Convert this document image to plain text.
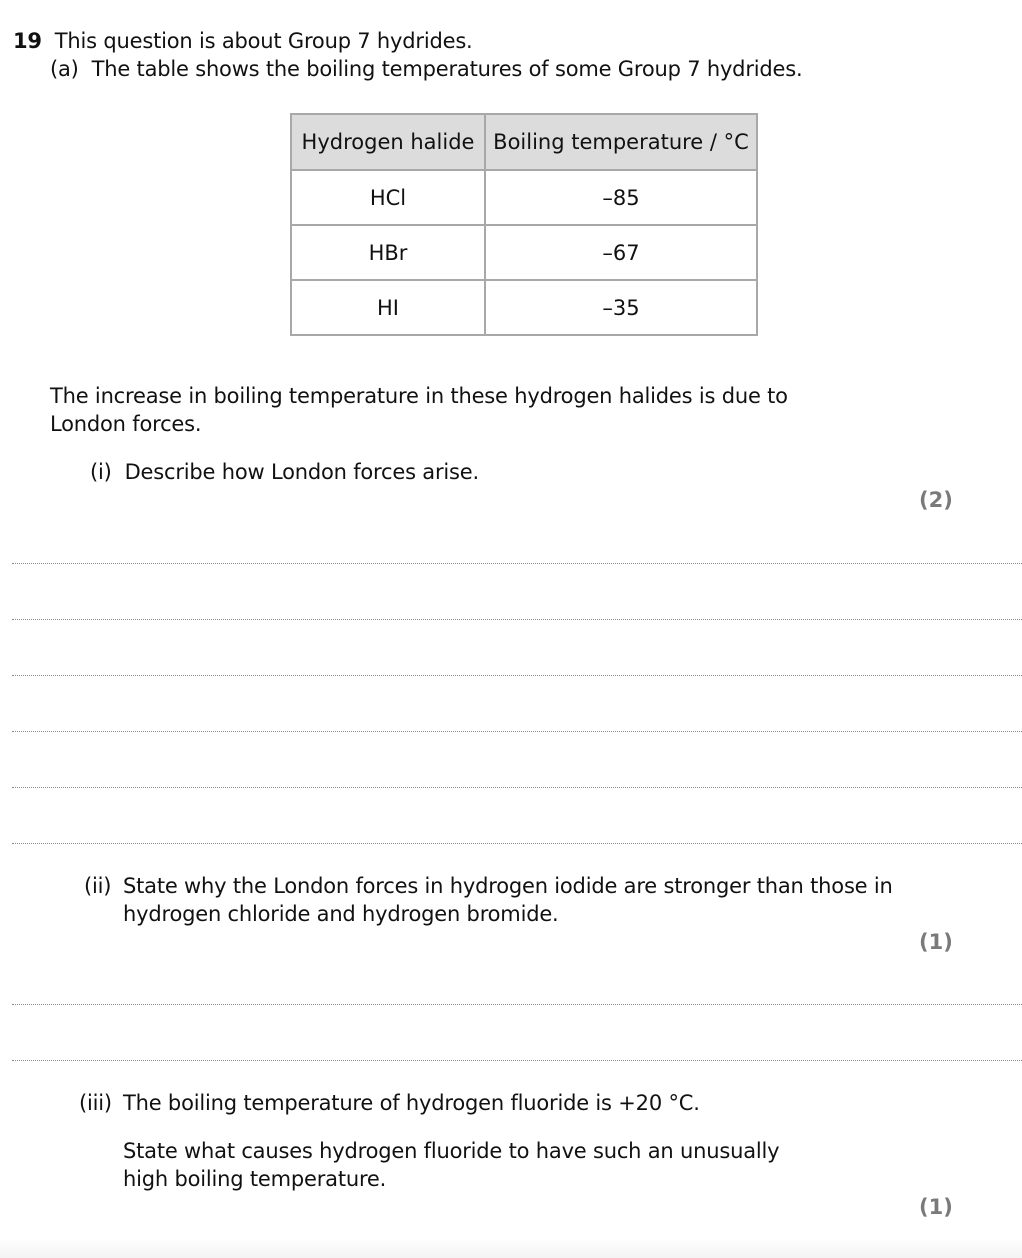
19 This question is about Group 7 hydrides.
(a) The table shows the boiling temperatures of some Group 7 hydrides.
Hydrogen halide	Boiling temperature / °C
HCl	–85
HBr	–67
HI	–35
The increase in boiling temperature in these hydrogen halides is due to
London forces.
(i) Describe how London forces arise.
(2)
(ii) State why the London forces in hydrogen iodide are stronger than those in
hydrogen chloride and hydrogen bromide.
(1)
(iii) The boiling temperature of hydrogen fluoride is +20 °C.
State what causes hydrogen fluoride to have such an unusually
high boiling temperature.
(1)
